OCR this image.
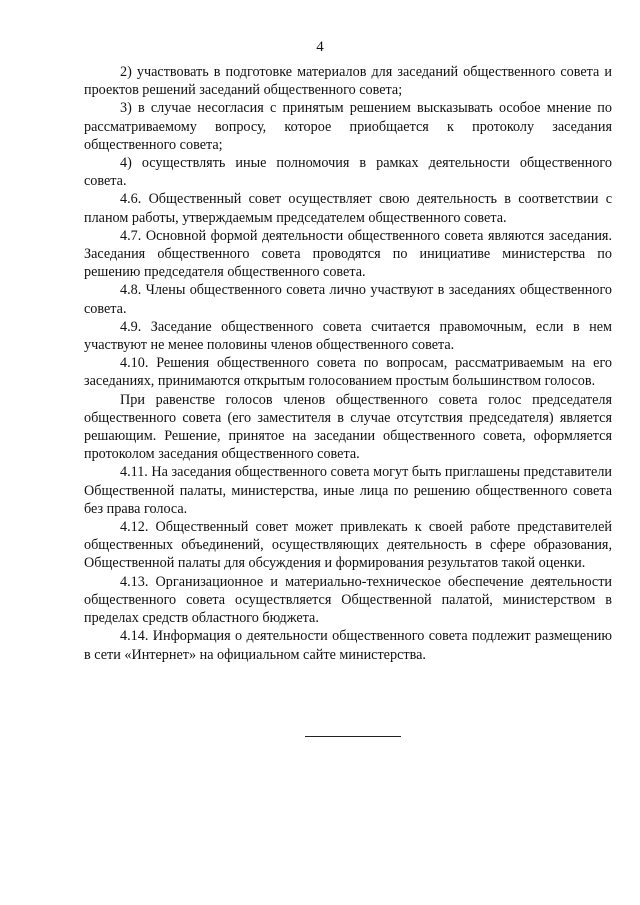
4

2) участвовать в подготовке материалов для заседаний общественного совета и проектов решений заседаний общественного совета;

3) в случае несогласия с принятым решением высказывать особое мнение по рассматриваемому вопросу, которое приобщается к протоколу заседания общественного совета;

4) осуществлять иные полномочия в рамках деятельности общественного совета.

4.6. Общественный совет осуществляет свою деятельность в соответствии с планом работы, утверждаемым председателем общественного совета.

4.7. Основной формой деятельности общественного совета являются заседания. Заседания общественного совета проводятся по инициативе министерства по решению председателя общественного совета.

4.8. Члены общественного совета лично участвуют в заседаниях общественного совета.

4.9. Заседание общественного совета считается правомочным, если в нем участвуют не менее половины членов общественного совета.

4.10. Решения общественного совета по вопросам, рассматриваемым на его заседаниях, принимаются открытым голосованием простым большинством голосов.

При равенстве голосов членов общественного совета голос председателя общественного совета (его заместителя в случае отсутствия председателя) является решающим. Решение, принятое на заседании общественного совета, оформляется протоколом заседания общественного совета.

4.11. На заседания общественного совета могут быть приглашены представители Общественной палаты, министерства, иные лица по решению общественного совета без права голоса.

4.12. Общественный совет может привлекать к своей работе представителей общественных объединений, осуществляющих деятельность в сфере образования, Общественной палаты для обсуждения и формирования результатов такой оценки.

4.13. Организационное и материально-техническое обеспечение деятельности общественного совета осуществляется Общественной палатой, министерством в пределах средств областного бюджета.

4.14. Информация о деятельности общественного совета подлежит размещению в сети «Интернет» на официальном сайте министерства.
